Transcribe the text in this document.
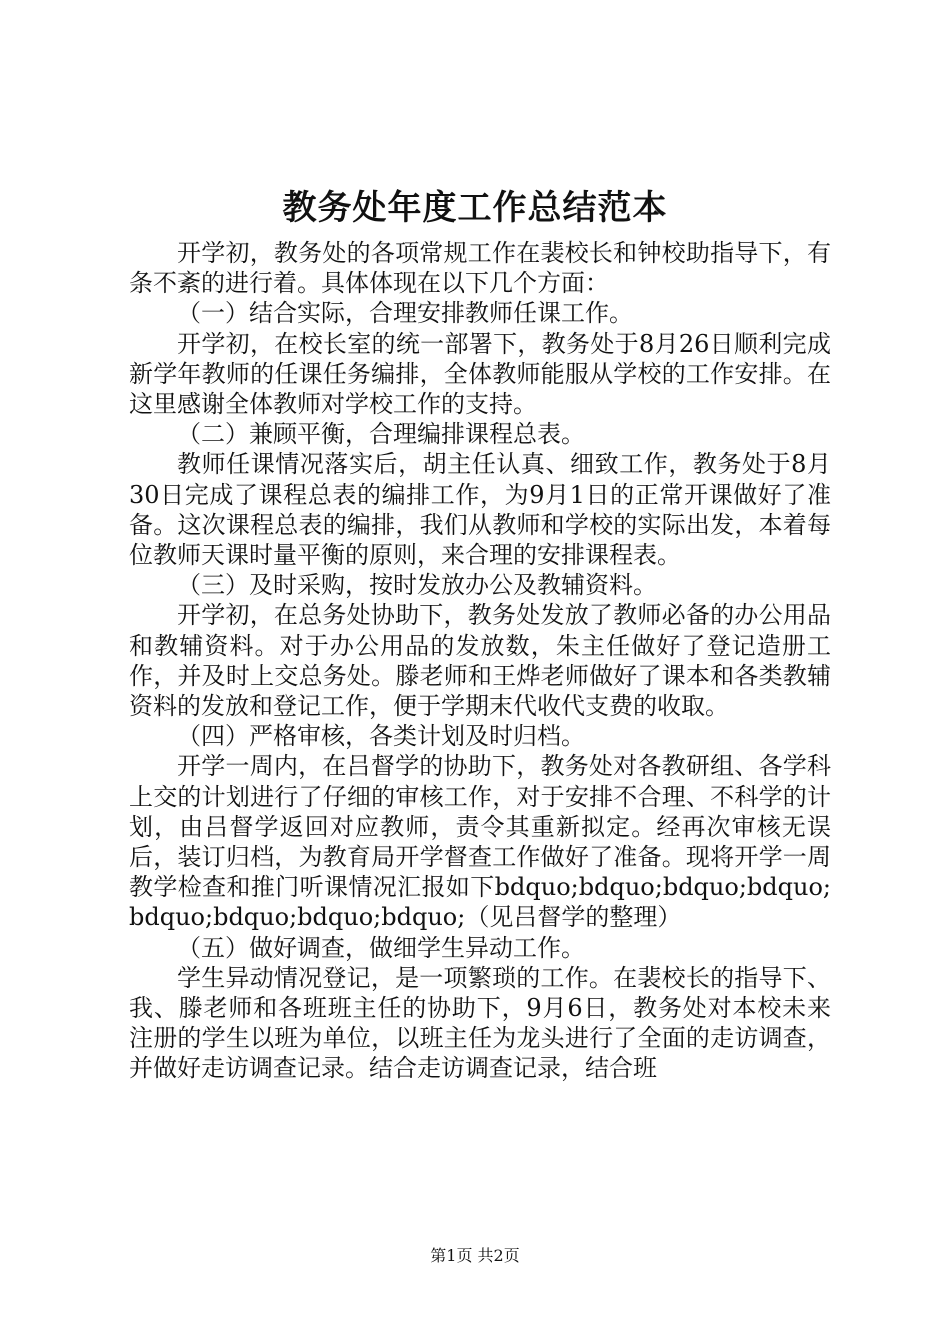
教务处年度工作总结范本

开学初，教务处的各项常规工作在裴校长和钟校助指导下，有条不紊的进行着。具体体现在以下几个方面：

（一）结合实际，合理安排教师任课工作。

开学初，在校长室的统一部署下，教务处于8月26日顺利完成新学年教师的任课任务编排，全体教师能服从学校的工作安排。在这里感谢全体教师对学校工作的支持。

（二）兼顾平衡，合理编排课程总表。

教师任课情况落实后，胡主任认真、细致工作，教务处于8月30日完成了课程总表的编排工作，为9月1日的正常开课做好了准备。这次课程总表的编排，我们从教师和学校的实际出发，本着每位教师天课时量平衡的原则，来合理的安排课程表。

（三）及时采购，按时发放办公及教辅资料。

开学初，在总务处协助下，教务处发放了教师必备的办公用品和教辅资料。对于办公用品的发放数，朱主任做好了登记造册工作，并及时上交总务处。滕老师和王烨老师做好了课本和各类教辅资料的发放和登记工作，便于学期末代收代支费的收取。

（四）严格审核，各类计划及时归档。

开学一周内，在吕督学的协助下，教务处对各教研组、各学科上交的计划进行了仔细的审核工作，对于安排不合理、不科学的计划，由吕督学返回对应教师，责令其重新拟定。经再次审核无误后，装订归档，为教育局开学督查工作做好了准备。现将开学一周教学检查和推门听课情况汇报如下bdquo;bdquo;bdquo;bdquo;bdquo;bdquo;bdquo;bdquo;（见吕督学的整理）

（五）做好调查，做细学生异动工作。

学生异动情况登记，是一项繁琐的工作。在裴校长的指导下、我、滕老师和各班班主任的协助下，9月6日，教务处对本校未来注册的学生以班为单位，以班主任为龙头进行了全面的走访调查，并做好走访调查记录。结合走访调查记录，结合班

第1页 共2页
